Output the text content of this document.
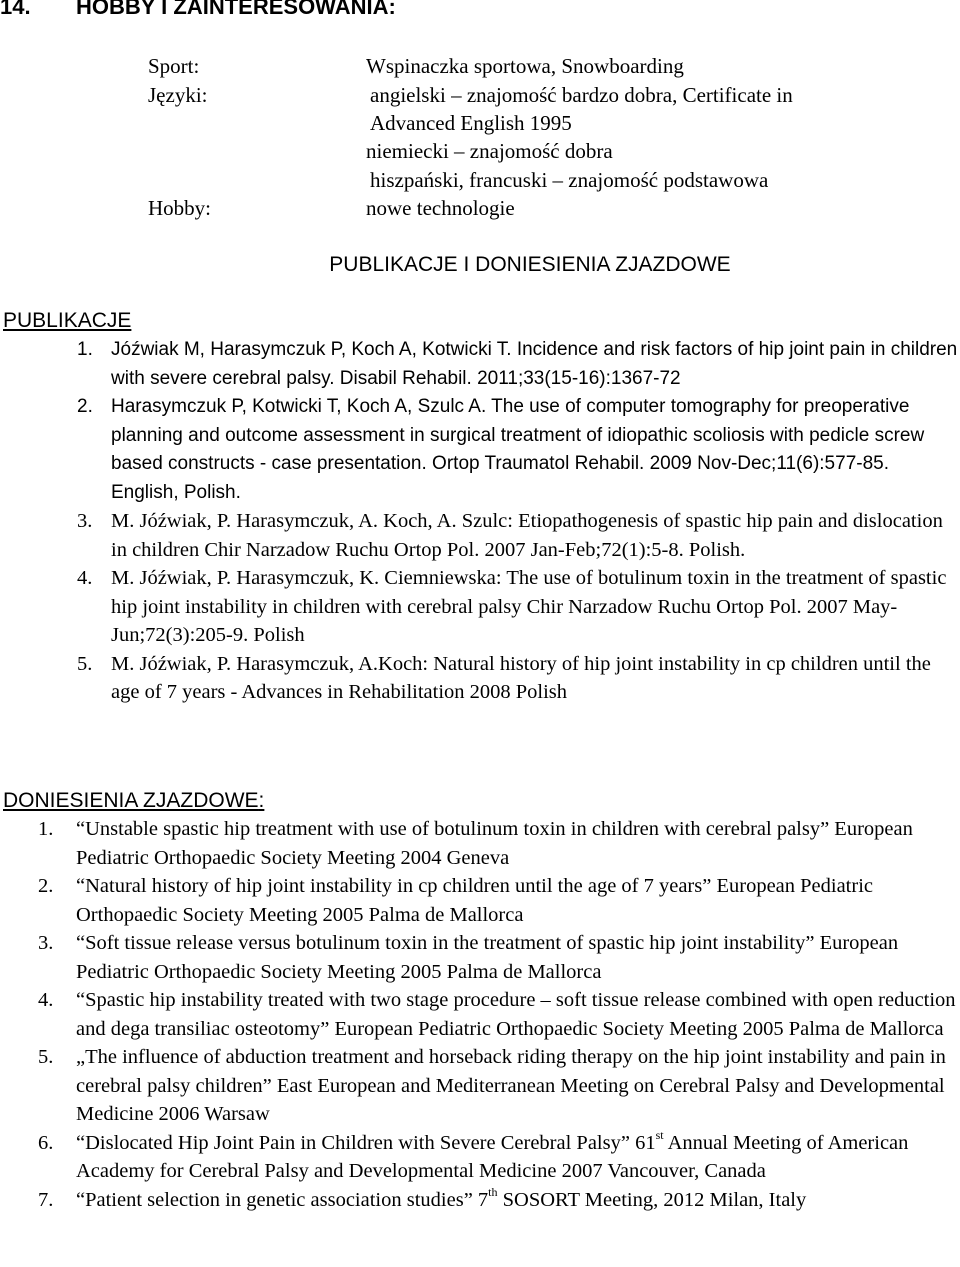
14. HOBBY I ZAINTERESOWANIA:
Sport:	Wspinaczka sportowa, Snowboarding
Języki:	angielski – znajomość bardzo dobra, Certificate in
Advanced English 1995
niemiecki – znajomość dobra
hiszpański, francuski – znajomość podstawowa
Hobby:	nowe technologie
PUBLIKACJE I DONIESIENIA ZJAZDOWE
PUBLIKACJE
1. Jóźwiak M, Harasymczuk P, Koch A, Kotwicki T. Incidence and risk factors of hip joint pain in children with severe cerebral palsy. Disabil Rehabil. 2011;33(15-16):1367-72
2. Harasymczuk P, Kotwicki T, Koch A, Szulc A. The use of computer tomography for preoperative planning and outcome assessment in surgical treatment of idiopathic scoliosis with pedicle screw based constructs - case presentation. Ortop Traumatol Rehabil. 2009 Nov-Dec;11(6):577-85. English, Polish.
3. M. Jóźwiak, P. Harasymczuk, A. Koch, A. Szulc: Etiopathogenesis of spastic hip pain and dislocation in children Chir Narzadow Ruchu Ortop Pol. 2007 Jan-Feb;72(1):5-8. Polish.
4. M. Jóźwiak, P. Harasymczuk, K. Ciemniewska: The use of botulinum toxin in the treatment of spastic hip joint instability in children with cerebral palsy Chir Narzadow Ruchu Ortop Pol. 2007 May-Jun;72(3):205-9. Polish
5. M. Jóźwiak, P. Harasymczuk, A.Koch: Natural history of hip joint instability in cp children until the age of 7 years - Advances in Rehabilitation 2008 Polish
DONIESIENIA ZJAZDOWE:
1. “Unstable spastic hip treatment with use of botulinum toxin in children with cerebral palsy” European Pediatric Orthopaedic Society Meeting 2004 Geneva
2. “Natural history of hip joint instability in cp children until the age of 7 years” European Pediatric Orthopaedic Society Meeting 2005 Palma de Mallorca
3. “Soft tissue release versus botulinum toxin in the treatment of spastic hip joint instability” European Pediatric Orthopaedic Society Meeting 2005 Palma de Mallorca
4. “Spastic hip instability treated with two stage procedure – soft tissue release combined with open reduction and dega transiliac osteotomy” European Pediatric Orthopaedic Society Meeting 2005 Palma de Mallorca
5. „The influence of abduction treatment and horseback riding therapy on the hip joint instability and pain in cerebral palsy children” East European and Mediterranean Meeting on Cerebral Palsy and Developmental Medicine 2006 Warsaw
6. “Dislocated Hip Joint Pain in Children with Severe Cerebral Palsy” 61st Annual Meeting of American Academy for Cerebral Palsy and Developmental Medicine 2007 Vancouver, Canada
7. “Patient selection in genetic association studies” 7th SOSORT Meeting, 2012 Milan, Italy
